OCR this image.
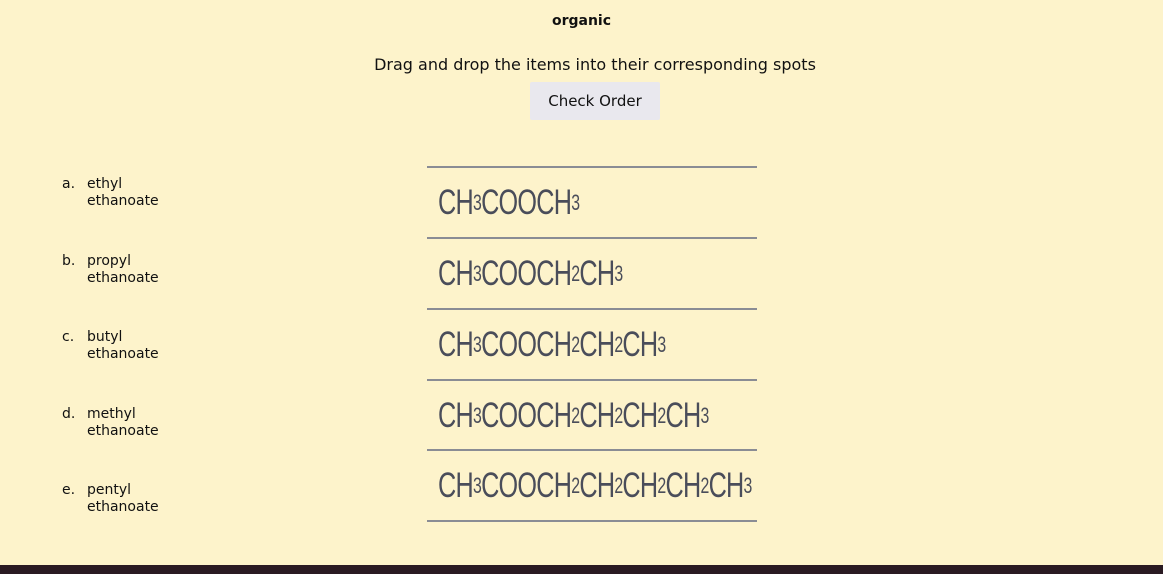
organic
Drag and drop the items into their corresponding spots
Check Order
a. ethyl
ethanoate
b. propyl
ethanoate
c. butyl
ethanoate
d. methyl
ethanoate
e. pentyl
ethanoate
CH 3 COOCH 3
CH 3 COOCH 2 CH 3
CH 3 COOCH 2 CH 2 CH 3
CH 3 COOCH 2 CH 2 CH 2 CH 3
CH 3 COOCH 2 CH 2 CH 2 CH 2 CH 3
